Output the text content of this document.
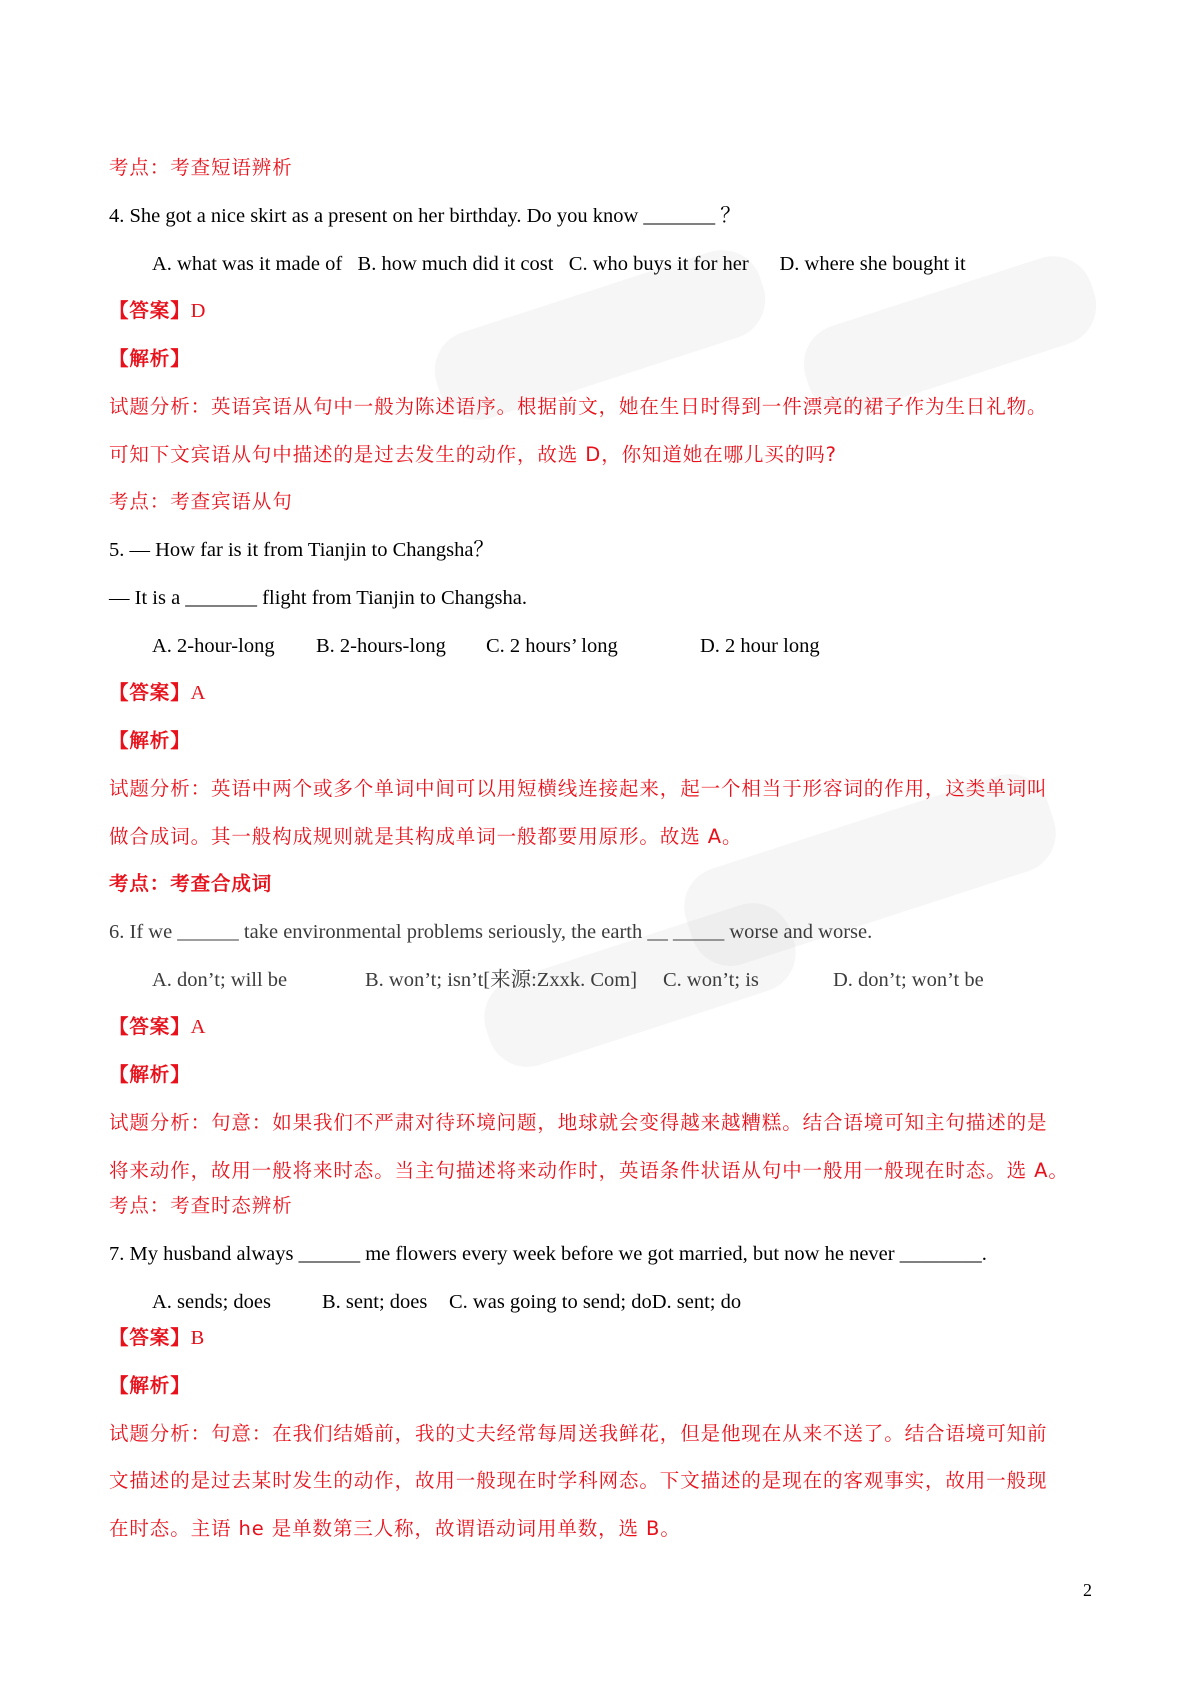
考点：考查短语辨析
4. She got a nice skirt as a present on her birthday. Do you know _______ ？
A. what was it made of B. how much did it cost C. who buys it for her D. where she bought it
【答案】D
【解析】
试题分析：英语宾语从句中一般为陈述语序。根据前文，她在生日时得到一件漂亮的裙子作为生日礼物。
可知下文宾语从句中描述的是过去发生的动作，故选 D，你知道她在哪儿买的吗?
考点：考查宾语从句
5. — How far is it from Tianjin to Changsha？
— It is a _______ flight from Tianjin to Changsha.
A. 2-hour-long B. 2-hours-long C. 2 hours’ long	D. 2 hour long
【答案】A
【解析】
试题分析：英语中两个或多个单词中间可以用短横线连接起来，起一个相当于形容词的作用，这类单词叫
做合成词。其一般构成规则就是其构成单词一般都要用原形。故选 A。
考点：考查合成词
6. If we ______ take environmental problems seriously, the earth __ _____ worse and worse.
A. don’t; will be	B. won’t; isn’t[来源:Zxxk. Com] C. won’t; is	D. don’t; won’t be
【答案】A
【解析】
试题分析：句意：如果我们不严肃对待环境问题，地球就会变得越来越糟糕。结合语境可知主句描述的是
将来动作，故用一般将来时态。当主句描述将来动作时，英语条件状语从句中一般用一般现在时态。选 A。
考点：考查时态辨析
7. My husband always ______ me flowers every week before we got married, but now he never ________.
A. sends; does B. sent; does C. was going to send; doD. sent; do
【答案】B
【解析】
试题分析：句意：在我们结婚前，我的丈夫经常每周送我鲜花，但是他现在从来不送了。结合语境可知前
文描述的是过去某时发生的动作，故用一般现在时学科网态。下文描述的是现在的客观事实，故用一般现
在时态。主语 he 是单数第三人称，故谓语动词用单数，选 B。
2
